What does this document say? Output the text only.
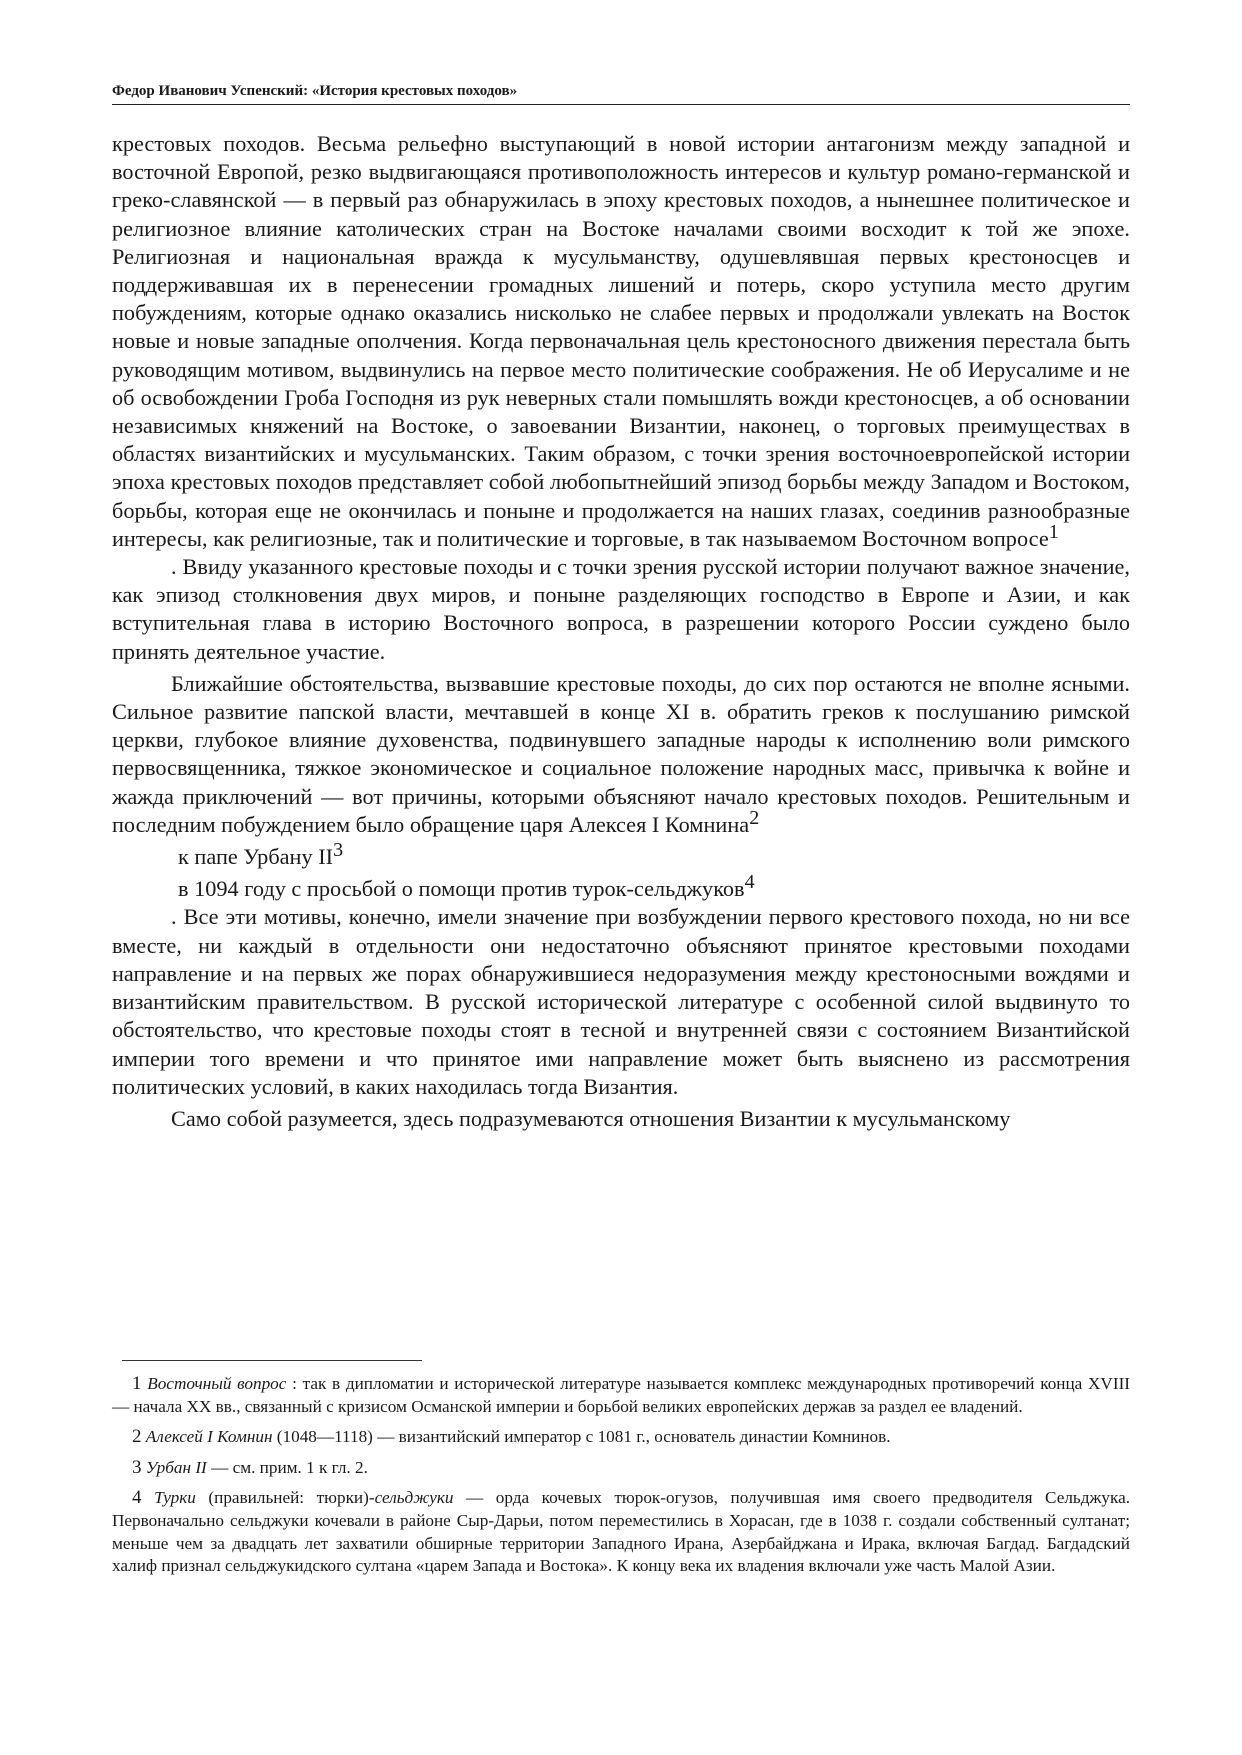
Федор Иванович Успенский: «История крестовых походов»

крестовых походов. Весьма рельефно выступающий в новой истории антагонизм между западной и восточной Европой, резко выдвигающаяся противоположность интересов и культур романо-германской и греко-славянской — в первый раз обнаружилась в эпоху крестовых походов, а нынешнее политическое и религиозное влияние католических стран на Востоке началами своими восходит к той же эпохе. Религиозная и национальная вражда к мусульманству, одушевлявшая первых крестоносцев и поддерживавшая их в перенесении громадных лишений и потерь, скоро уступила место другим побуждениям, которые однако оказались нисколько не слабее первых и продолжали увлекать на Восток новые и новые западные ополчения. Когда первоначальная цель крестоносного движения перестала быть руководящим мотивом, выдвинулись на первое место политические соображения. Не об Иерусалиме и не об освобождении Гроба Господня из рук неверных стали помышлять вожди крестоносцев, а об основании независимых княжений на Востоке, о завоевании Византии, наконец, о торговых преимуществах в областях византийских и мусульманских. Таким образом, с точки зрения восточноевропейской истории эпоха крестовых походов представляет собой любопытнейший эпизод борьбы между Западом и Востоком, борьбы, которая еще не окончилась и поныне и продолжается на наших глазах, соединив разнообразные интересы, как религиозные, так и политические и торговые, в так называемом Восточном вопросе$^1$

. Ввиду указанного крестовые походы и с точки зрения русской истории получают важное значение, как эпизод столкновения двух миров, и поныне разделяющих господство в Европе и Азии, и как вступительная глава в историю Восточного вопроса, в разрешении которого России суждено было принять деятельное участие.

Ближайшие обстоятельства, вызвавшие крестовые походы, до сих пор остаются не вполне ясными. Сильное развитие папской власти, мечтавшей в конце XI в. обратить греков к послушанию римской церкви, глубокое влияние духовенства, подвинувшего западные народы к исполнению воли римского первосвященника, тяжкое экономическое и социальное положение народных масс, привычка к войне и жажда приключений — вот причины, которыми объясняют начало крестовых походов. Решительным и последним побуждением было обращение царя Алексея I Комнина$^2$

к папе Урбану II$^3$

в 1094 году с просьбой о помощи против турок-сельджуков$^4$

. Все эти мотивы, конечно, имели значение при возбуждении первого крестового похода, но ни все вместе, ни каждый в отдельности они недостаточно объясняют принятое крестовыми походами направление и на первых же порах обнаружившиеся недоразумения между крестоносными вождями и византийским правительством. В русской исторической литературе с особенной силой выдвинуто то обстоятельство, что крестовые походы стоят в тесной и внутренней связи с состоянием Византийской империи того времени и что принятое ими направление может быть выяснено из рассмотрения политических условий, в каких находилась тогда Византия.

Само собой разумеется, здесь подразумеваются отношения Византии к мусульманскому

1 Восточный вопрос : так в дипломатии и исторической литературе называется комплекс международных противоречий конца XVIII — начала XX вв., связанный с кризисом Османской империи и борьбой великих европейских держав за раздел ее владений.

2 Алексей I Комнин (1048—1118) — византийский император с 1081 г., основатель династии Комнинов.

3 Урбан II — см. прим. 1 к гл. 2.

4 Турки (правильней: тюрки)-сельджуки — орда кочевых тюрок-огузов, получившая имя своего предводителя Сельджука. Первоначально сельджуки кочевали в районе Сыр-Дарьи, потом переместились в Хорасан, где в 1038 г. создали собственный султанат; меньше чем за двадцать лет захватили обширные территории Западного Ирана, Азербайджана и Ирака, включая Багдад. Багдадский халиф признал сельджукидского султана «царем Запада и Востока». К концу века их владения включали уже часть Малой Азии.
